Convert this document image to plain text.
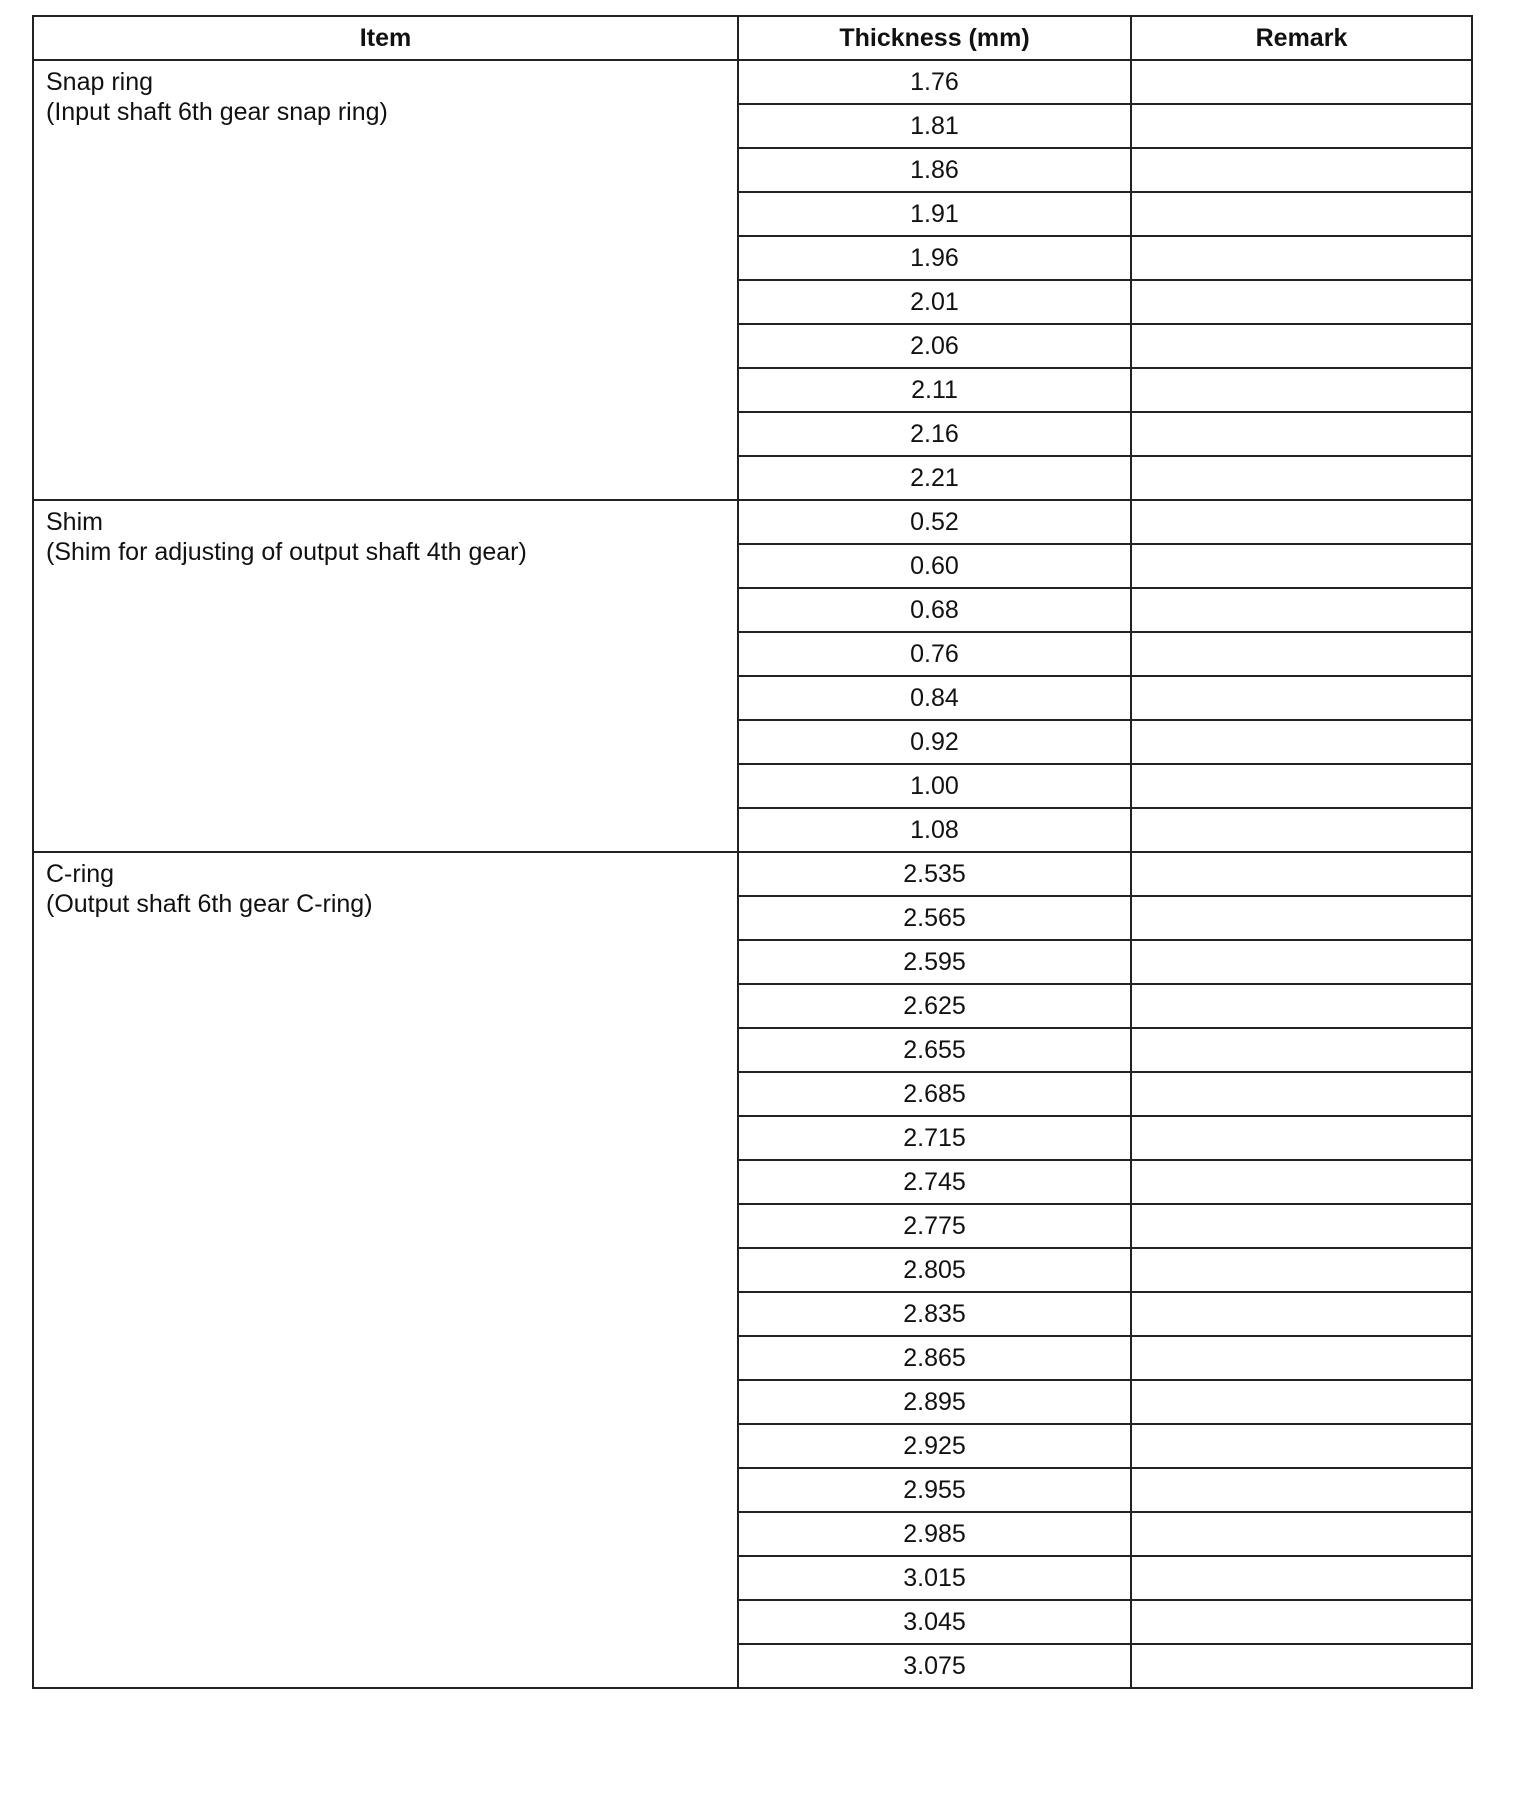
Item	Thickness (mm)	Remark

Snap ring
(Input shaft 6th gear snap ring)	1.76	
	1.81	
	1.86	
	1.91	
	1.96	
	2.01	
	2.06	
	2.11	
	2.16	
	2.21	

Shim
(Shim for adjusting of output shaft 4th gear)	0.52	
	0.60	
	0.68	
	0.76	
	0.84	
	0.92	
	1.00	
	1.08	

C-ring
(Output shaft 6th gear C-ring)	2.535	
	2.565	
	2.595	
	2.625	
	2.655	
	2.685	
	2.715	
	2.745	
	2.775	
	2.805	
	2.835	
	2.865	
	2.895	
	2.925	
	2.955	
	2.985	
	3.015	
	3.045	
	3.075	
